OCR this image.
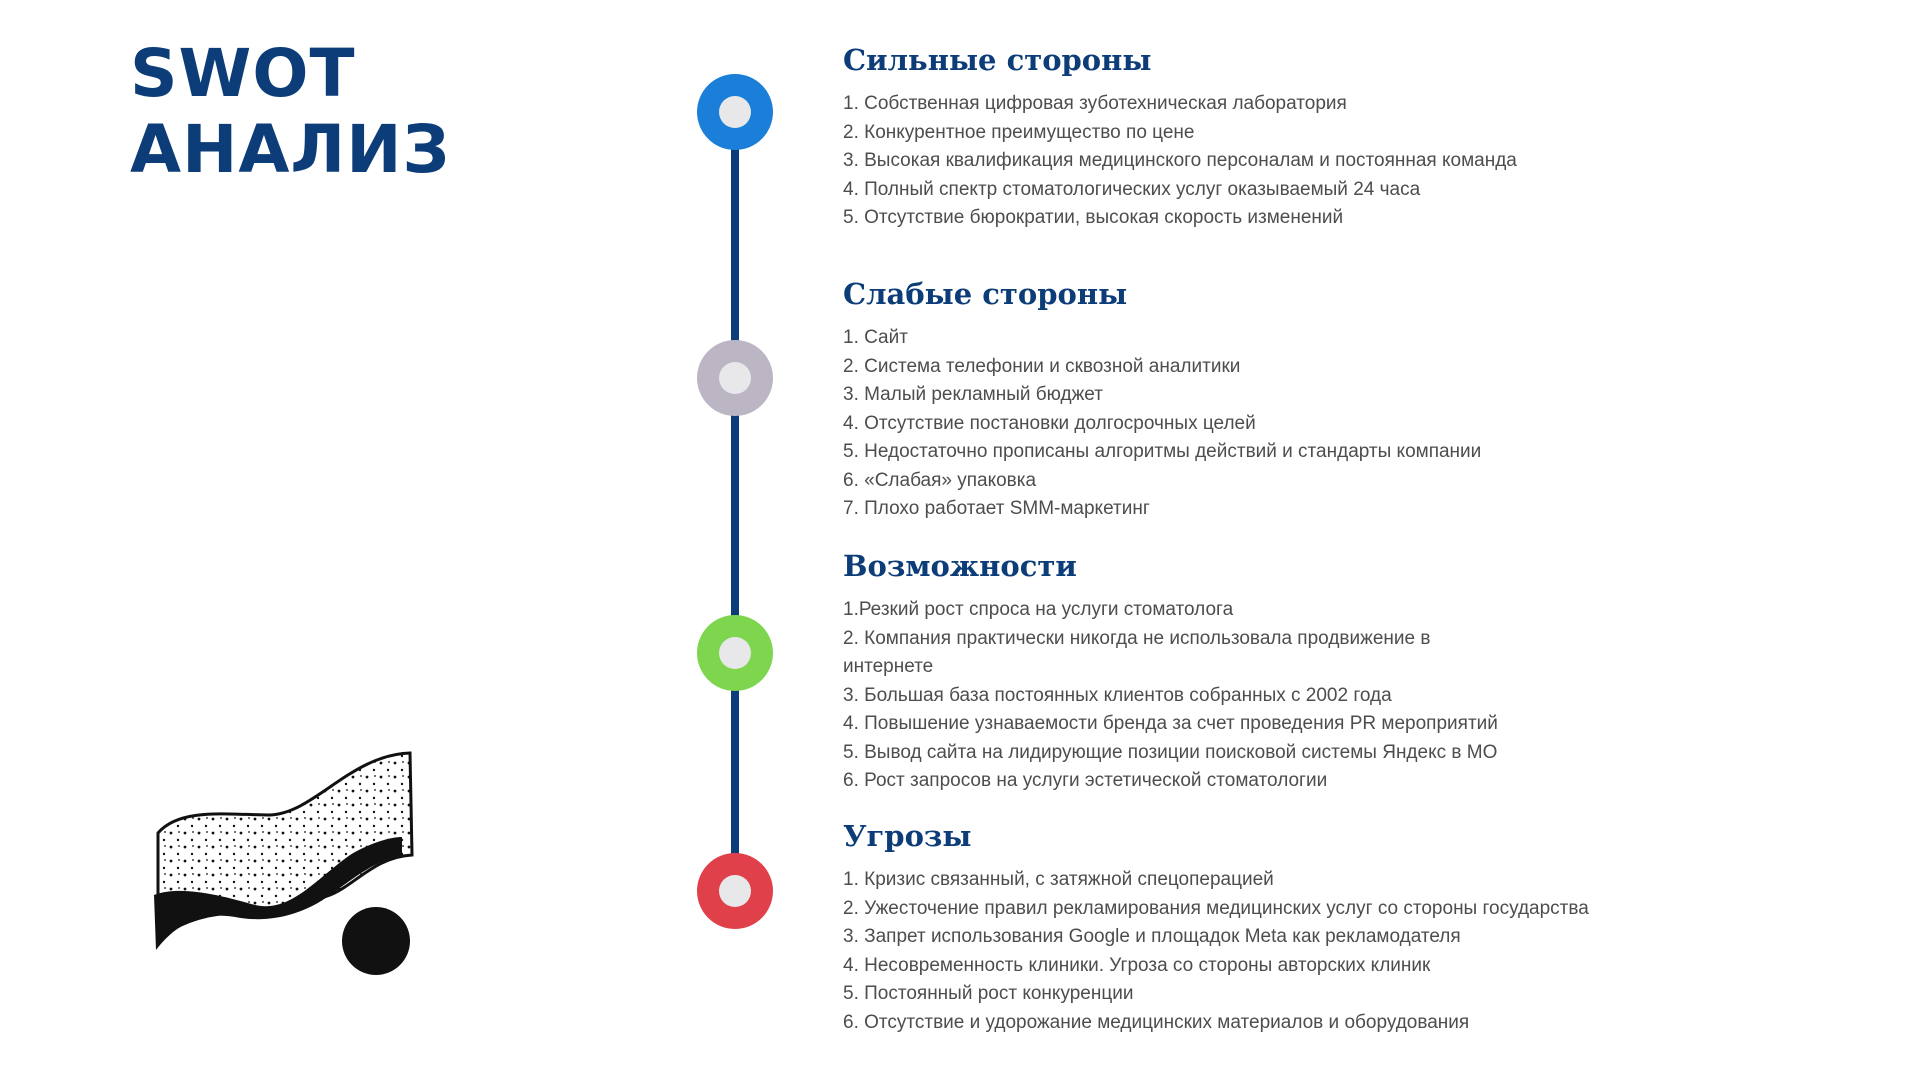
SWOT
АНАЛИЗ
Сильные стороны
1. Собственная цифровая зуботехническая лаборатория
2. Конкурентное преимущество по цене
3. Высокая квалификация медицинского персоналам и постоянная команда
4. Полный спектр стоматологических услуг оказываемый 24 часа
5. Отсутствие бюрократии, высокая скорость изменений
Слабые стороны
1. Сайт
2. Система телефонии и сквозной аналитики
3. Малый рекламный бюджет
4. Отсутствие постановки долгосрочных целей
5. Недостаточно прописаны алгоритмы действий и стандарты компании
6. «Слабая» упаковка
7. Плохо работает SMM-маркетинг
Возможности
1.Резкий рост спроса на услуги стоматолога
2. Компания практически никогда не использовала продвижение в интернете
3. Большая база постоянных клиентов собранных с 2002 года
4. Повышение узнаваемости бренда за счет проведения PR мероприятий
5. Вывод сайта на лидирующие позиции поисковой системы Яндекс в МО
6. Рост запросов на услуги эстетической стоматологии
Угрозы
1. Кризис связанный, с затяжной спецоперацией
2. Ужесточение правил рекламирования медицинских услуг со стороны государства
3. Запрет использования Google и площадок Meta как рекламодателя
4. Несовременность клиники. Угроза со стороны авторских клиник
5. Постоянный рост конкуренции
6. Отсутствие и удорожание медицинских материалов и оборудования
